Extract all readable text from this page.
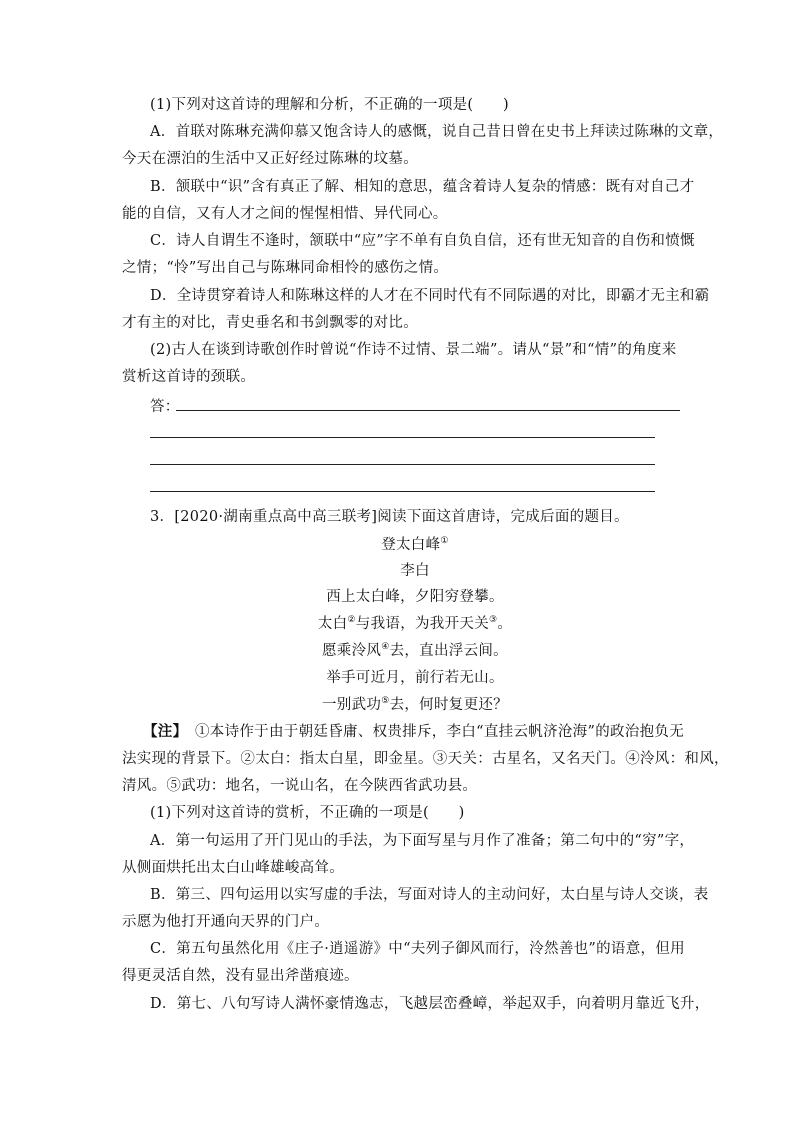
(1)下列对这首诗的理解和分析，不正确的一项是(　　)
A．首联对陈琳充满仰慕又饱含诗人的感慨，说自己昔日曾在史书上拜读过陈琳的文章，
今天在漂泊的生活中又正好经过陈琳的坟墓。
B．颔联中“识”含有真正了解、相知的意思，蕴含着诗人复杂的情感：既有对自己才
能的自信，又有人才之间的惺惺相惜、异代同心。
C．诗人自谓生不逢时，颔联中“应”字不单有自负自信，还有世无知音的自伤和愤慨
之情；“怜”写出自己与陈琳同命相怜的感伤之情。
D．全诗贯穿着诗人和陈琳这样的人才在不同时代有不同际遇的对比，即霸才无主和霸
才有主的对比，青史垂名和书剑飘零的对比。
(2)古人在谈到诗歌创作时曾说“作诗不过情、景二端”。请从“景”和“情”的角度来
赏析这首诗的颈联。
答：
3．[2020·湖南重点高中高三联考]阅读下面这首唐诗，完成后面的题目。
登太白峰①
李白
西上太白峰，夕阳穷登攀。
太白②与我语，为我开天关③。
愿乘泠风④去，直出浮云间。
举手可近月，前行若无山。
一别武功⑤去，何时复更还？
【注】  ①本诗作于由于朝廷昏庸、权贵排斥，李白“直挂云帆济沧海”的政治抱负无
法实现的背景下。②太白：指太白星，即金星。③天关：古星名，又名天门。④泠风：和风，
清风。⑤武功：地名，一说山名，在今陕西省武功县。
(1)下列对这首诗的赏析，不正确的一项是(　　)
A．第一句运用了开门见山的手法，为下面写星与月作了准备；第二句中的“穷”字，
从侧面烘托出太白山峰雄峻高耸。
B．第三、四句运用以实写虚的手法，写面对诗人的主动问好，太白星与诗人交谈，表
示愿为他打开通向天界的门户。
C．第五句虽然化用《庄子·逍遥游》中“夫列子御风而行，泠然善也”的语意，但用
得更灵活自然，没有显出斧凿痕迹。
D．第七、八句写诗人满怀豪情逸志，飞越层峦叠嶂，举起双手，向着明月靠近飞升，
